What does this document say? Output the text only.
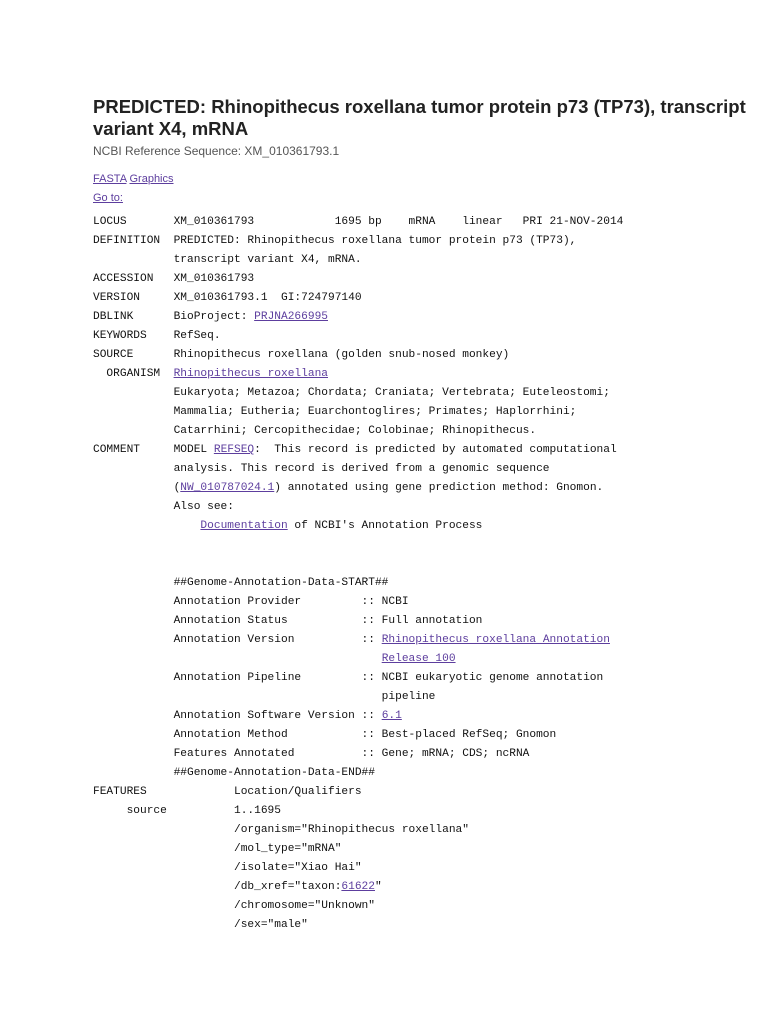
PREDICTED: Rhinopithecus roxellana tumor protein p73 (TP73), transcript variant X4, mRNA
NCBI Reference Sequence: XM_010361793.1
FASTA Graphics
Go to:
LOCUS       XM_010361793            1695 bp    mRNA    linear   PRI 21-NOV-2014
DEFINITION  PREDICTED: Rhinopithecus roxellana tumor protein p73 (TP73),
transcript variant X4, mRNA.
ACCESSION   XM_010361793
VERSION     XM_010361793.1  GI:724797140
DBLINK      BioProject: PRJNA266995
KEYWORDS    RefSeq.
SOURCE      Rhinopithecus roxellana (golden snub-nosed monkey)
ORGANISM  Rhinopithecus roxellana
Eukaryota; Metazoa; Chordata; Craniata; Vertebrata; Euteleostomi;
Mammalia; Eutheria; Euarchontoglires; Primates; Haplorrhini;
Catarrhini; Cercopithecidae; Colobinae; Rhinopithecus.
COMMENT     MODEL REFSEQ:  This record is predicted by automated computational
analysis. This record is derived from a genomic sequence
(NW_010787024.1) annotated using gene prediction method: Gnomon.
Also see:
Documentation of NCBI's Annotation Process

##Genome-Annotation-Data-START##
Annotation Provider         :: NCBI
Annotation Status           :: Full annotation
Annotation Version          :: Rhinopithecus roxellana Annotation
Release 100
Annotation Pipeline         :: NCBI eukaryotic genome annotation
pipeline
Annotation Software Version :: 6.1
Annotation Method           :: Best-placed RefSeq; Gnomon
Features Annotated          :: Gene; mRNA; CDS; ncRNA
##Genome-Annotation-Data-END##
FEATURES             Location/Qualifiers
source          1..1695
/organism="Rhinopithecus roxellana"
/mol_type="mRNA"
/isolate="Xiao Hai"
/db_xref="taxon:61622"
/chromosome="Unknown"
/sex="male"
